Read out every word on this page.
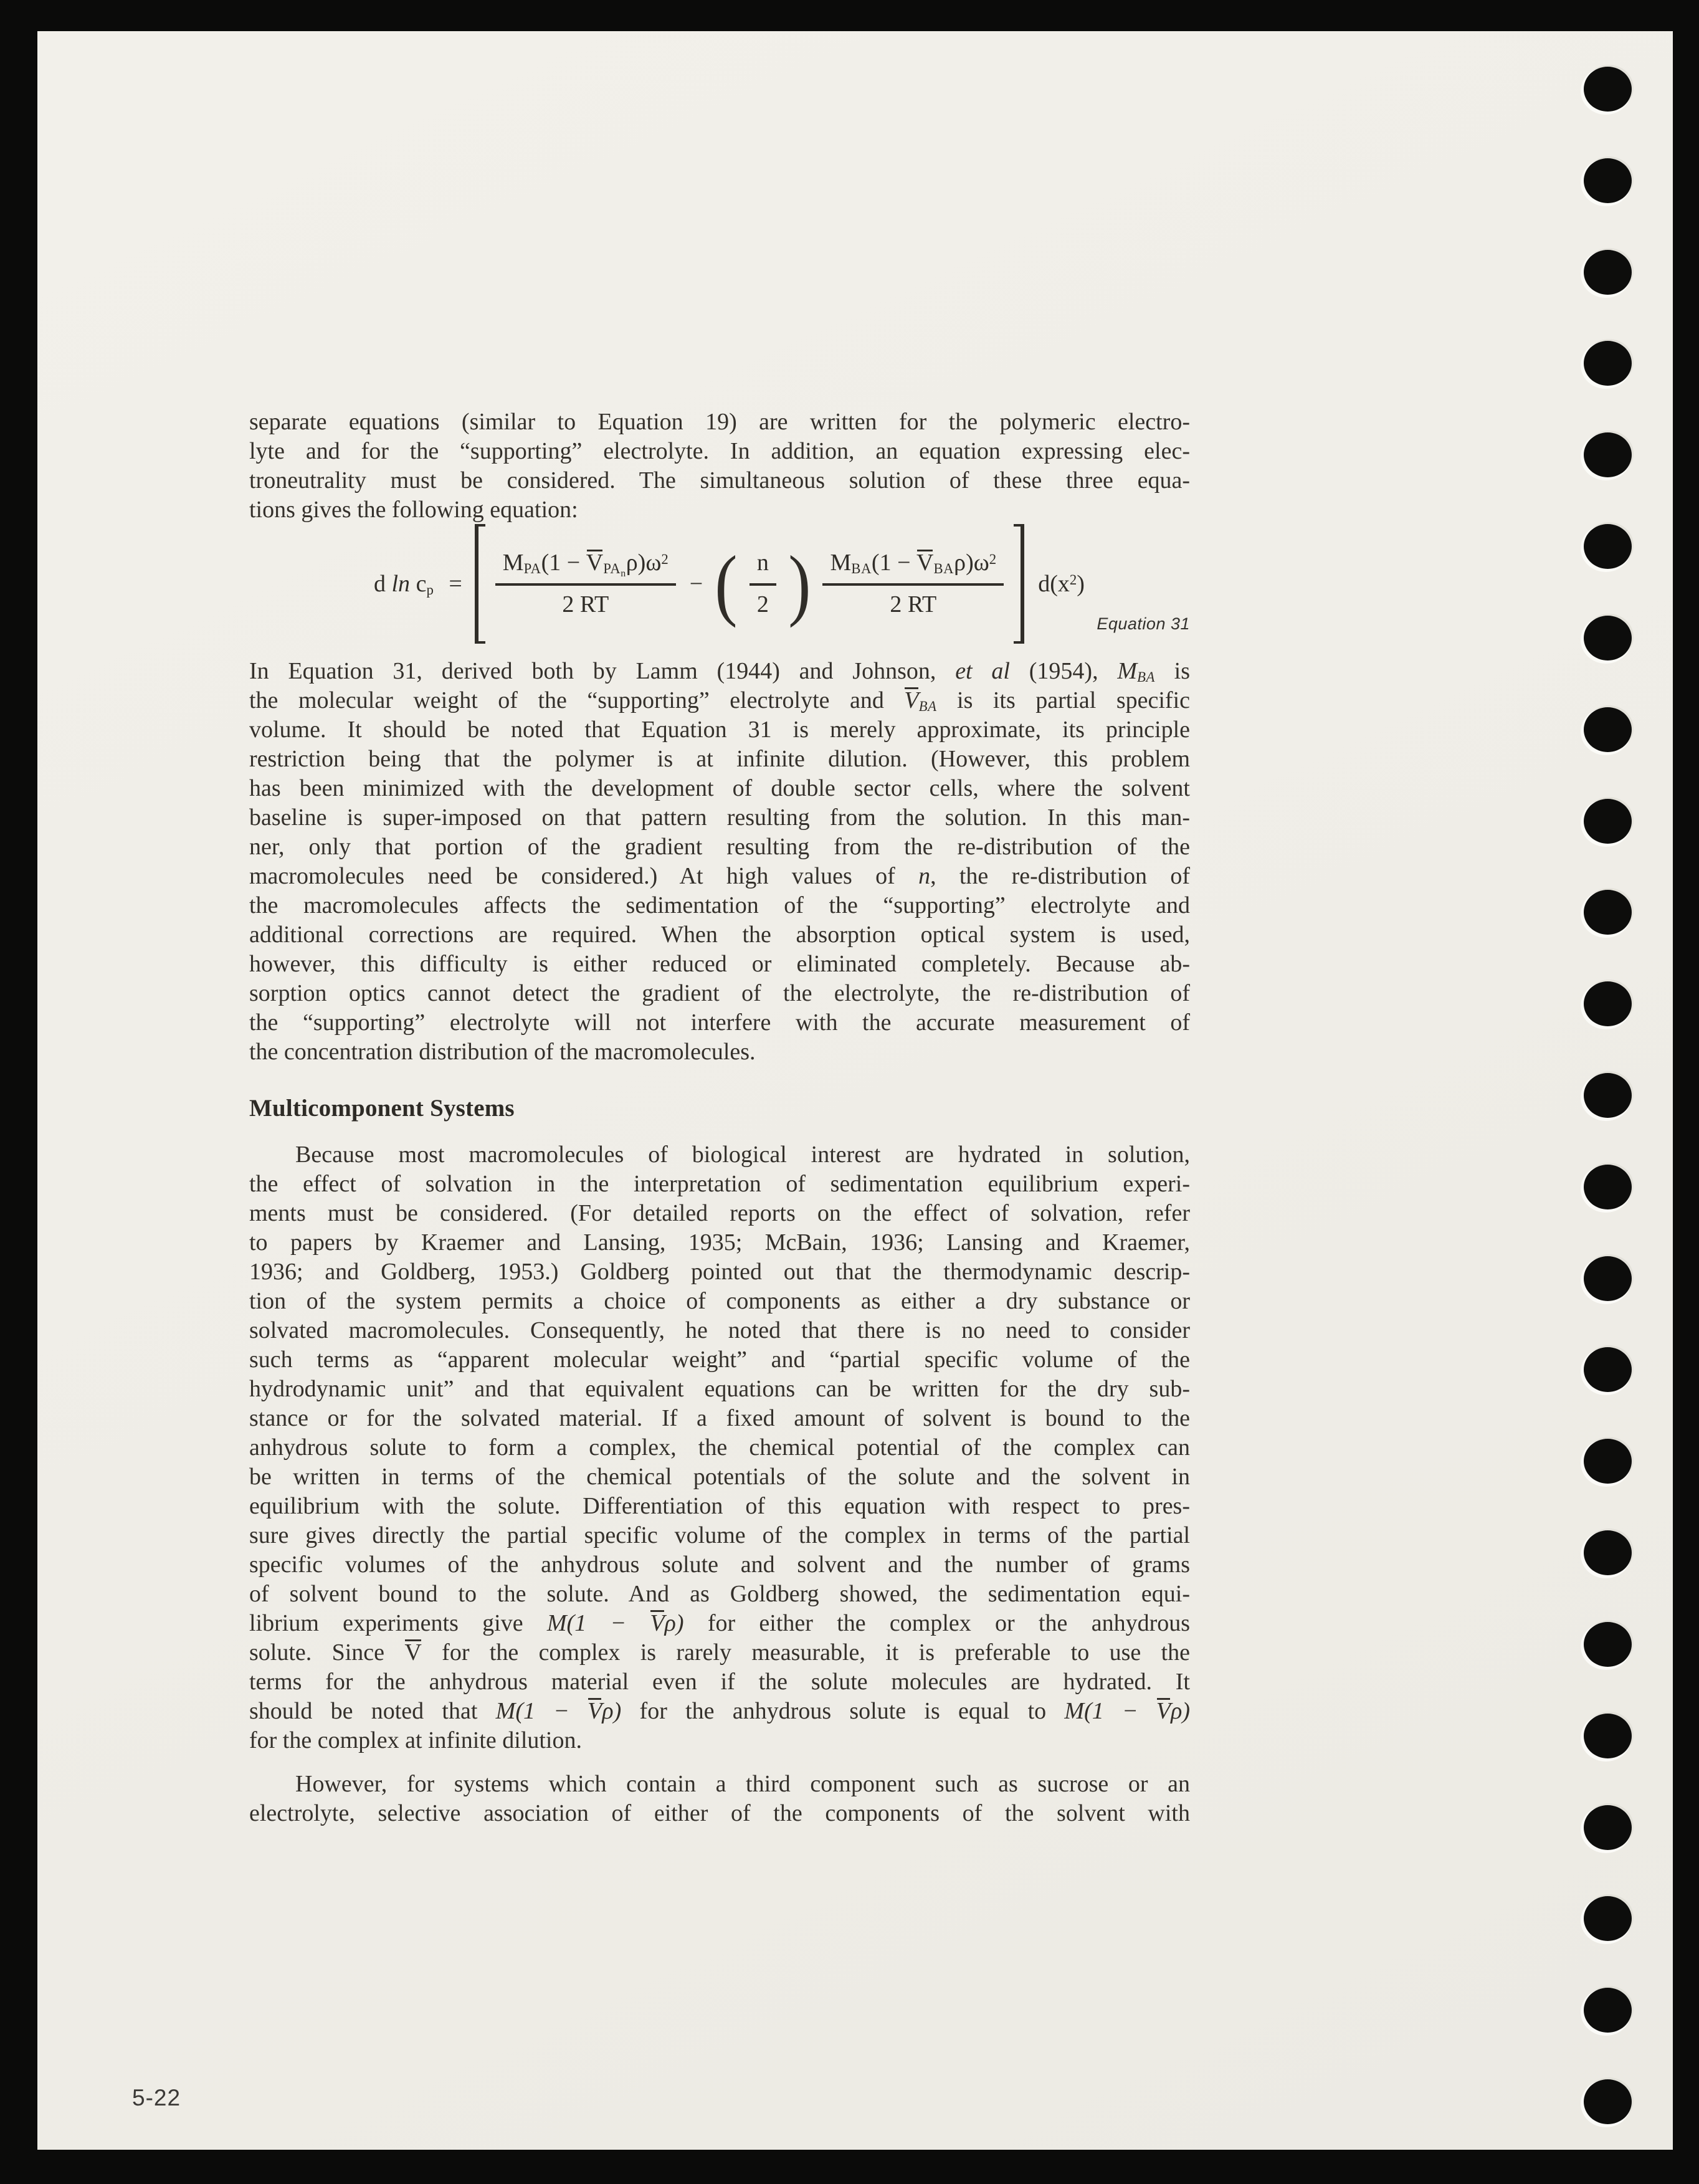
separate equations (similar to Equation 19) are written for the polymeric electro-
lyte and for the “supporting” electrolyte. In addition, an equation expressing elec-
troneutrality must be considered. The simultaneous solution of these three equa-
tions gives the following equation:
d $\ln c_p = \frac{M_{PA}(1 - V_{PA_n}\rho)\omega^2}{2 RT}$ − ( $\frac{n}{2}$ ) $\frac{M_{BA}(1 - V_{BA}\rho)\omega^2}{2 RT} d(x^2)$
Equation 31
In Equation 31, derived both by Lamm (1944) and Johnson, et al (1954), $M_{BA}$ is
the molecular weight of the “supporting” electrolyte and $V_{BA}$ is its partial specific
volume. It should be noted that Equation 31 is merely approximate, its principle
restriction being that the polymer is at infinite dilution. (However, this problem
has been minimized with the development of double sector cells, where the solvent
baseline is super-imposed on that pattern resulting from the solution. In this man-
ner, only that portion of the gradient resulting from the re-distribution of the
macromolecules need be considered.) At high values of n, the re-distribution of
the macromolecules affects the sedimentation of the “supporting” electrolyte and
additional corrections are required. When the absorption optical system is used,
however, this difficulty is either reduced or eliminated completely. Because ab-
sorption optics cannot detect the gradient of the electrolyte, the re-distribution of
the “supporting” electrolyte will not interfere with the accurate measurement of
the concentration distribution of the macromolecules.
Multicomponent Systems
Because most macromolecules of biological interest are hydrated in solution,
the effect of solvation in the interpretation of sedimentation equilibrium experi-
ments must be considered. (For detailed reports on the effect of solvation, refer
to papers by Kraemer and Lansing, 1935; McBain, 1936; Lansing and Kraemer,
1936; and Goldberg, 1953.) Goldberg pointed out that the thermodynamic descrip-
tion of the system permits a choice of components as either a dry substance or
solvated macromolecules. Consequently, he noted that there is no need to consider
such terms as “apparent molecular weight” and “partial specific volume of the
hydrodynamic unit” and that equivalent equations can be written for the dry sub-
stance or for the solvated material. If a fixed amount of solvent is bound to the
anhydrous solute to form a complex, the chemical potential of the complex can
be written in terms of the chemical potentials of the solute and the solvent in
equilibrium with the solute. Differentiation of this equation with respect to pres-
sure gives directly the partial specific volume of the complex in terms of the partial
specific volumes of the anhydrous solute and solvent and the number of grams
of solvent bound to the solute. And as Goldberg showed, the sedimentation equi-
librium experiments give M(1 − Vρ) for either the complex or the anhydrous
solute. Since V for the complex is rarely measurable, it is preferable to use the
terms for the anhydrous material even if the solute molecules are hydrated. It
should be noted that M(1 − Vρ) for the anhydrous solute is equal to M(1 − Vρ)
for the complex at infinite dilution.
However, for systems which contain a third component such as sucrose or an
electrolyte, selective association of either of the components of the solvent with
5-22
